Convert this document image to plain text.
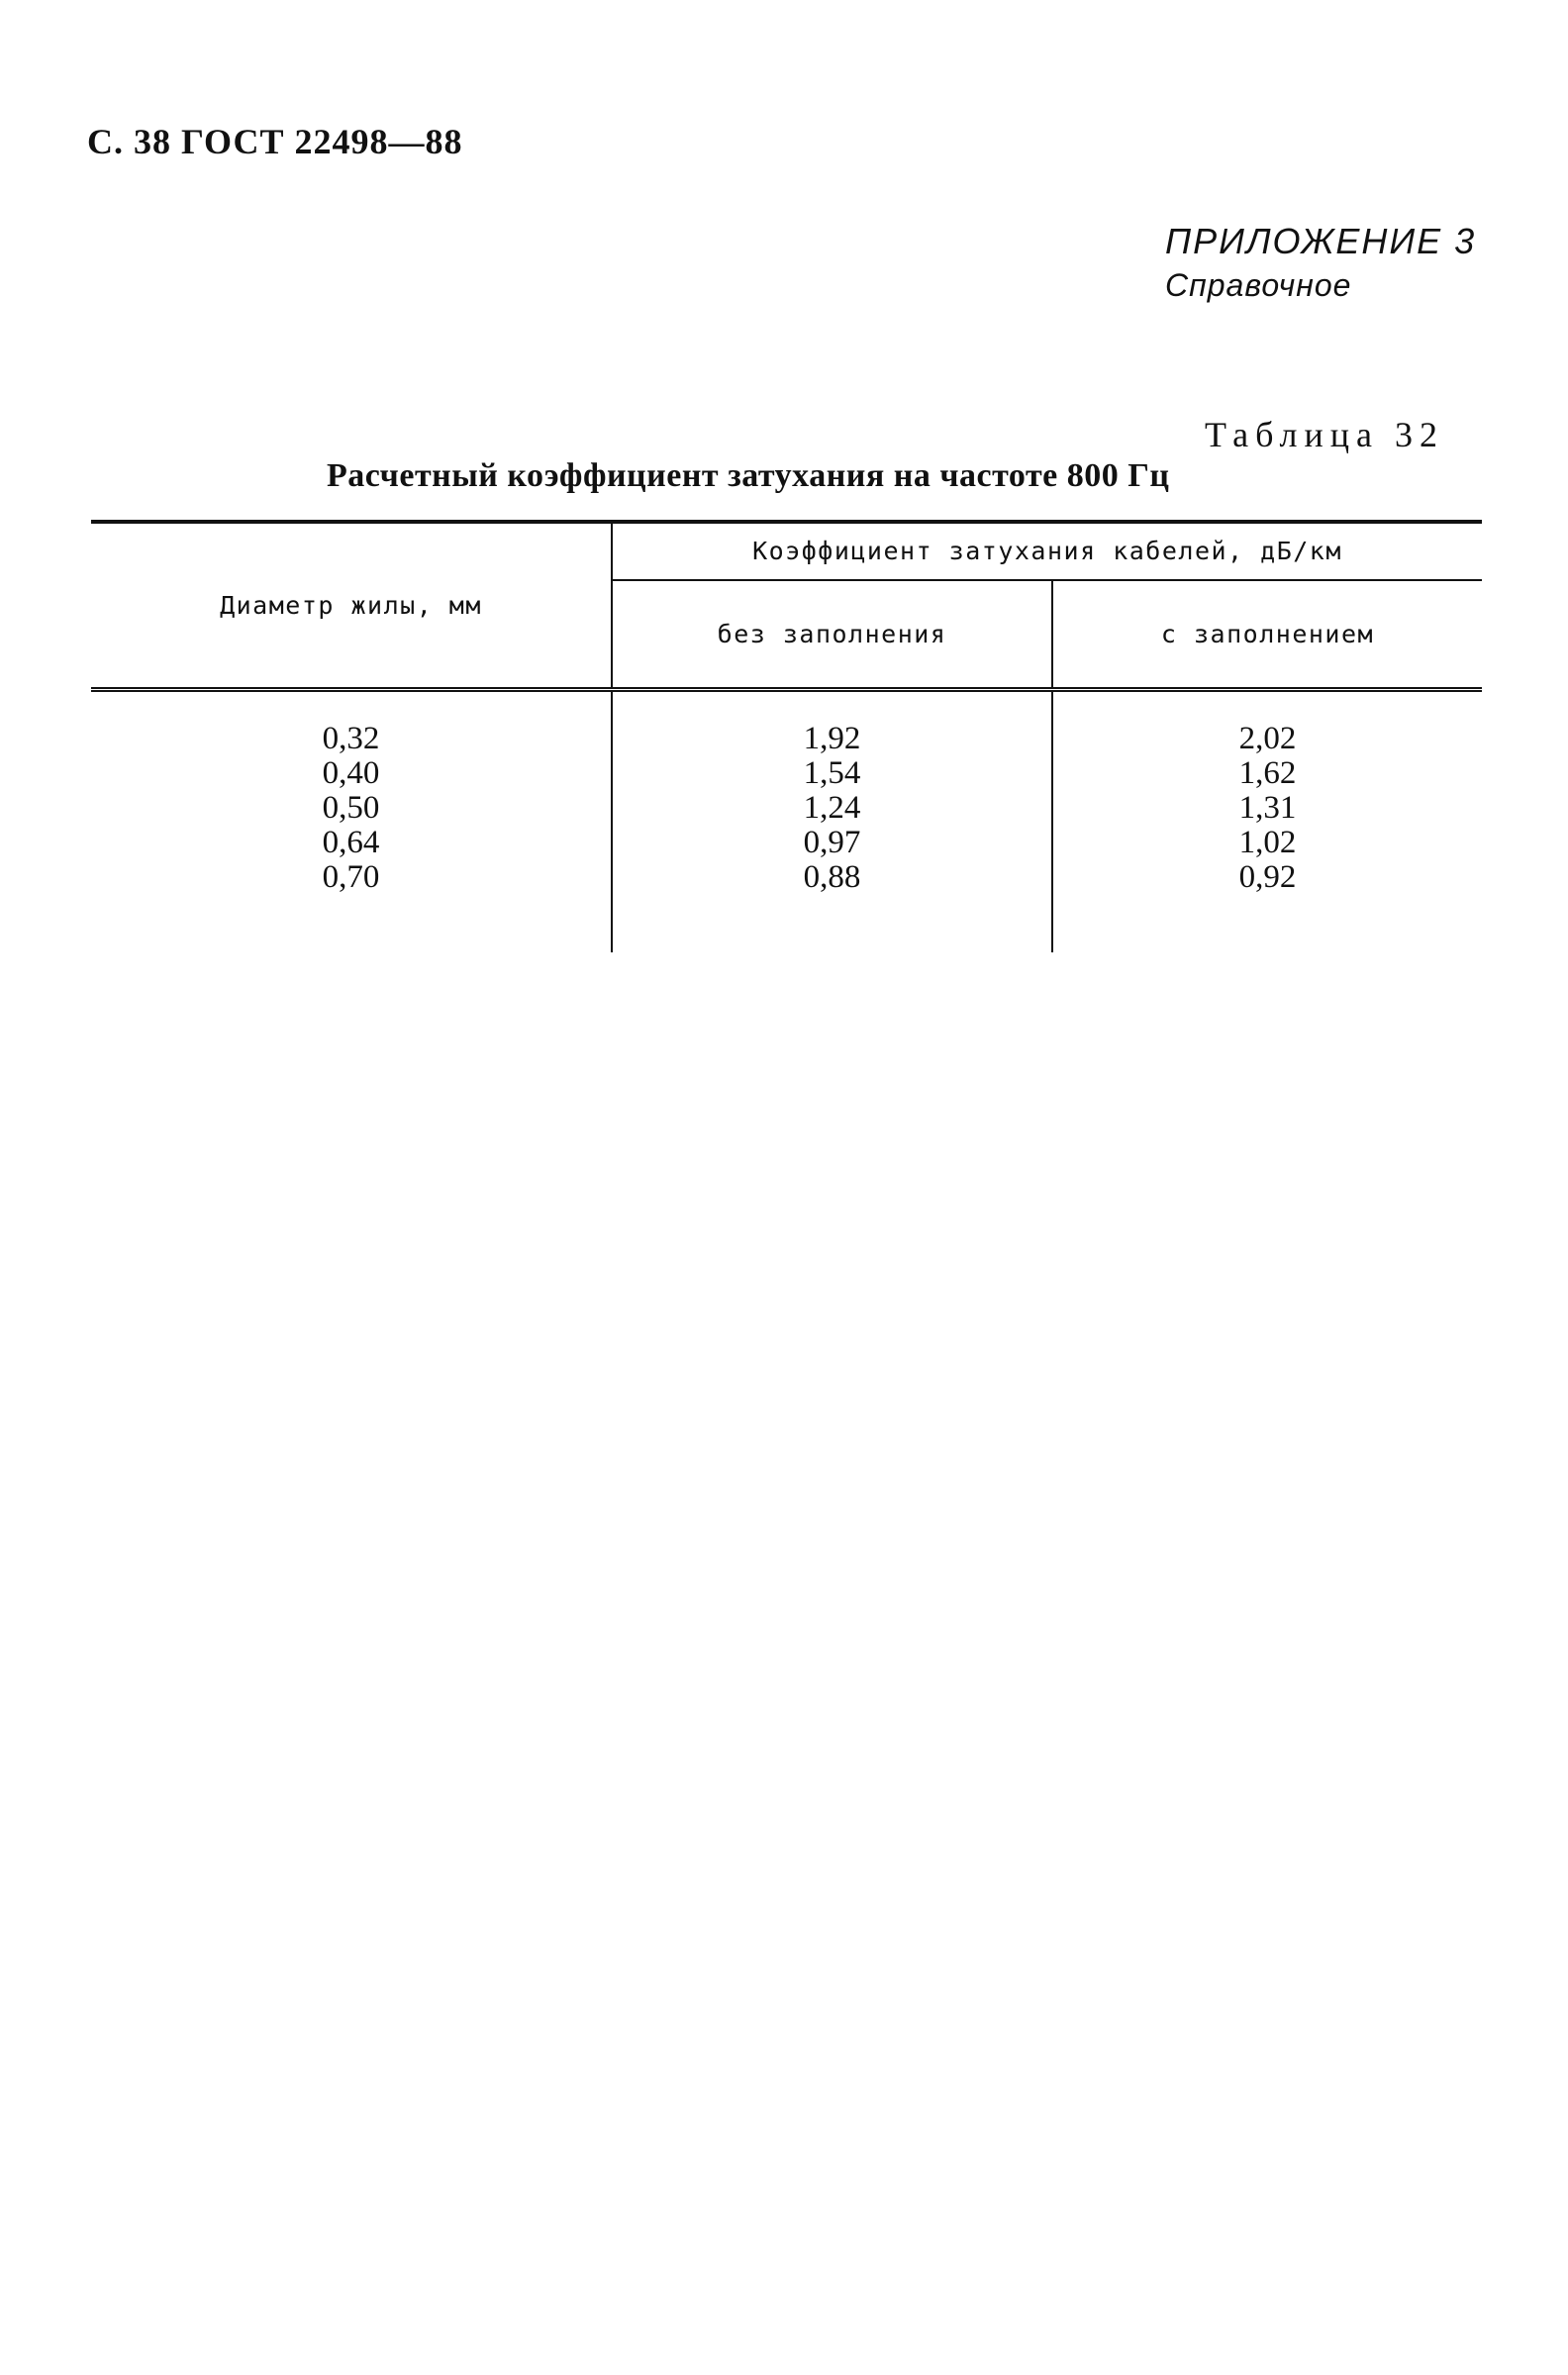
С. 38 ГОСТ 22498—88
ПРИЛОЖЕНИЕ 3
Справочное
Таблица 32
Расчетный коэффициент затухания на частоте 800 Гц
Диаметр жилы, мм	Коэффициент затухания кабелей, дБ/км	
	без заполнения	с заполнением
0,32	1,92	2,02
0,40	1,54	1,62
0,50	1,24	1,31
0,64	0,97	1,02
0,70	0,88	0,92
